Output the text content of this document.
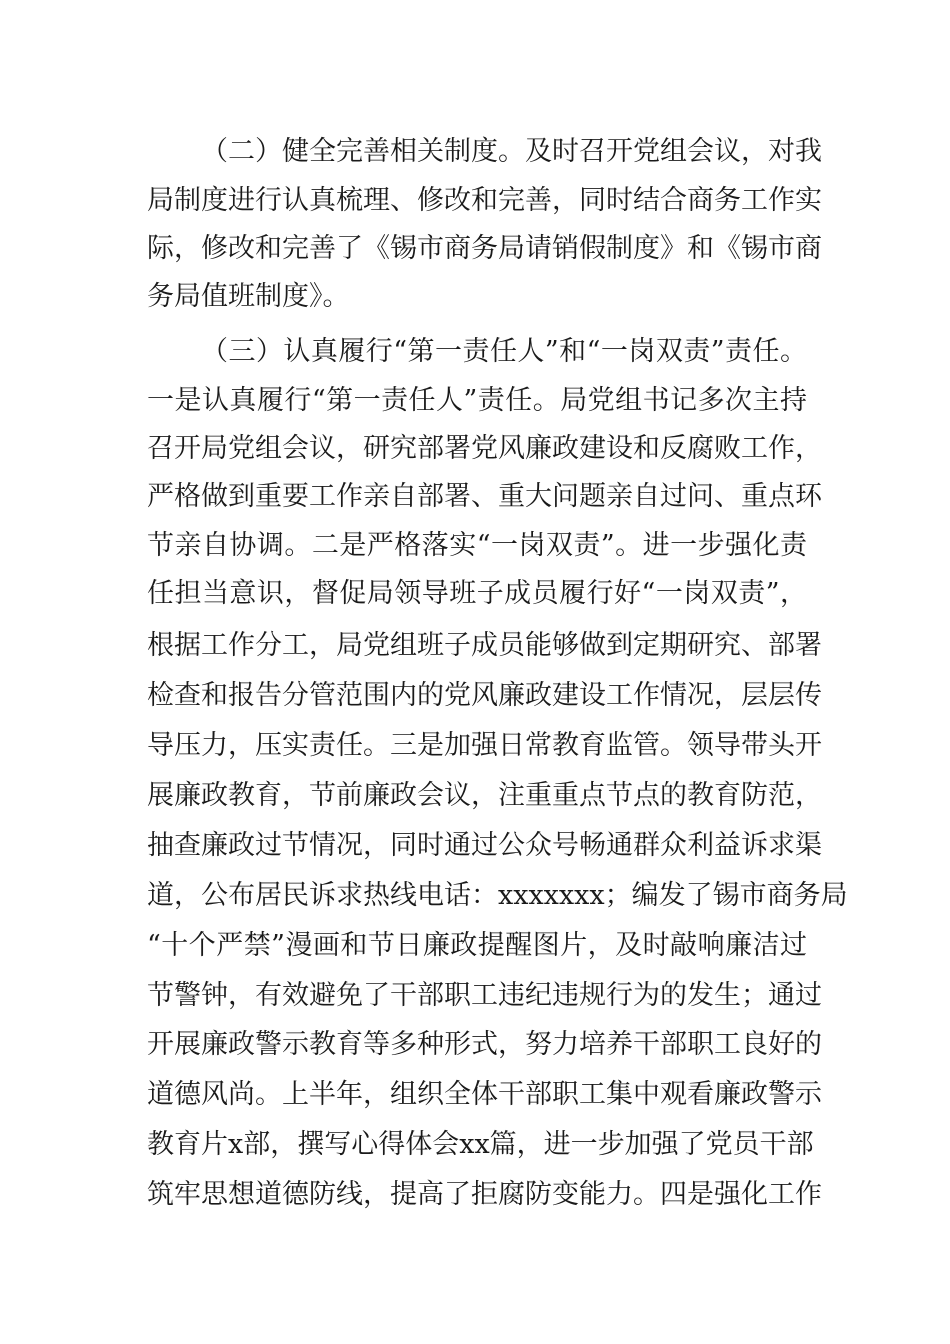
（二）健全完善相关制度。及时召开党组会议，对我
局制度进行认真梳理、修改和完善，同时结合商务工作实
际，修改和完善了《锡市商务局请销假制度》和《锡市商
务局值班制度》。
（三）认真履行“第一责任人”和“一岗双责”责任。
一是认真履行“第一责任人”责任。局党组书记多次主持
召开局党组会议，研究部署党风廉政建设和反腐败工作，
严格做到重要工作亲自部署、重大问题亲自过问、重点环
节亲自协调。二是严格落实“一岗双责”。进一步强化责
任担当意识，督促局领导班子成员履行好“一岗双责”，
根据工作分工，局党组班子成员能够做到定期研究、部署
检查和报告分管范围内的党风廉政建设工作情况，层层传
导压力，压实责任。三是加强日常教育监管。领导带头开
展廉政教育，节前廉政会议，注重重点节点的教育防范，
抽查廉政过节情况，同时通过公众号畅通群众利益诉求渠
道，公布居民诉求热线电话：xxxxxxx；编发了锡市商务局
“十个严禁”漫画和节日廉政提醒图片，及时敲响廉洁过
节警钟，有效避免了干部职工违纪违规行为的发生；通过
开展廉政警示教育等多种形式，努力培养干部职工良好的
道德风尚。上半年，组织全体干部职工集中观看廉政警示
教育片x部，撰写心得体会xx篇，进一步加强了党员干部
筑牢思想道德防线，提高了拒腐防变能力。四是强化工作
